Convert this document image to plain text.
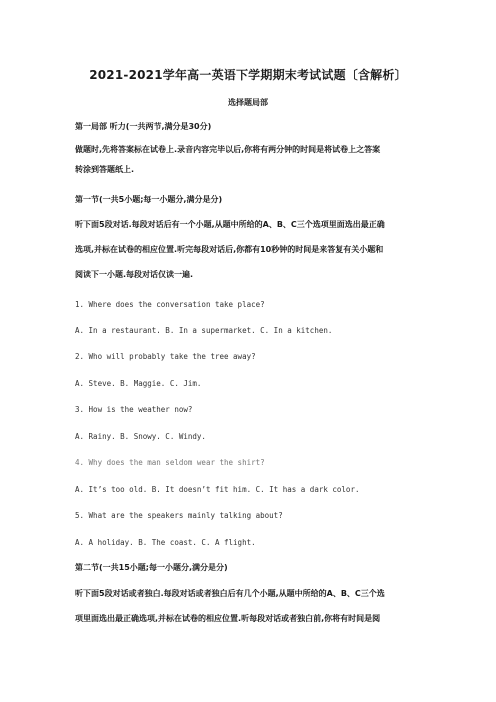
2021-2021学年高一英语下学期期末考试试题〔含解析〕
选择题局部
第一局部 听力(一共两节,满分是30分)
做题时,先将答案标在试卷上.录音内容完毕以后,你将有两分钟的时间是将试卷上之答案
转涂到答题纸上.
第一节(一共5小题;每一小题分,满分是分)
听下面5段对话.每段对话后有一个小题,从题中所给的A、B、C三个选项里面选出最正确
选项,并标在试卷的相应位置.听完每段对话后,你都有10秒钟的时间是来答复有关小题和
阅读下一小题.每段对话仅读一遍.
1. Where does the conversation take place?
A. In a restaurant. B. In a supermarket. C. In a kitchen.
2. Who will probably take the tree away?
A. Steve. B. Maggie. C. Jim.
3. How is the weather now?
A. Rainy. B. Snowy. C. Windy.
4. Why does the man seldom wear the shirt?
A. It’s too old. B. It doesn’t fit him. C. It has a dark color.
5. What are the speakers mainly talking about?
A. A holiday. B. The coast. C. A flight.
第二节(一共15小题;每一小题分,满分是分)
听下面5段对话或者独白.每段对话或者独白后有几个小题,从题中所给的A、B、C三个选
项里面选出最正确选项,并标在试卷的相应位置.听每段对话或者独白前,你将有时间是阅
